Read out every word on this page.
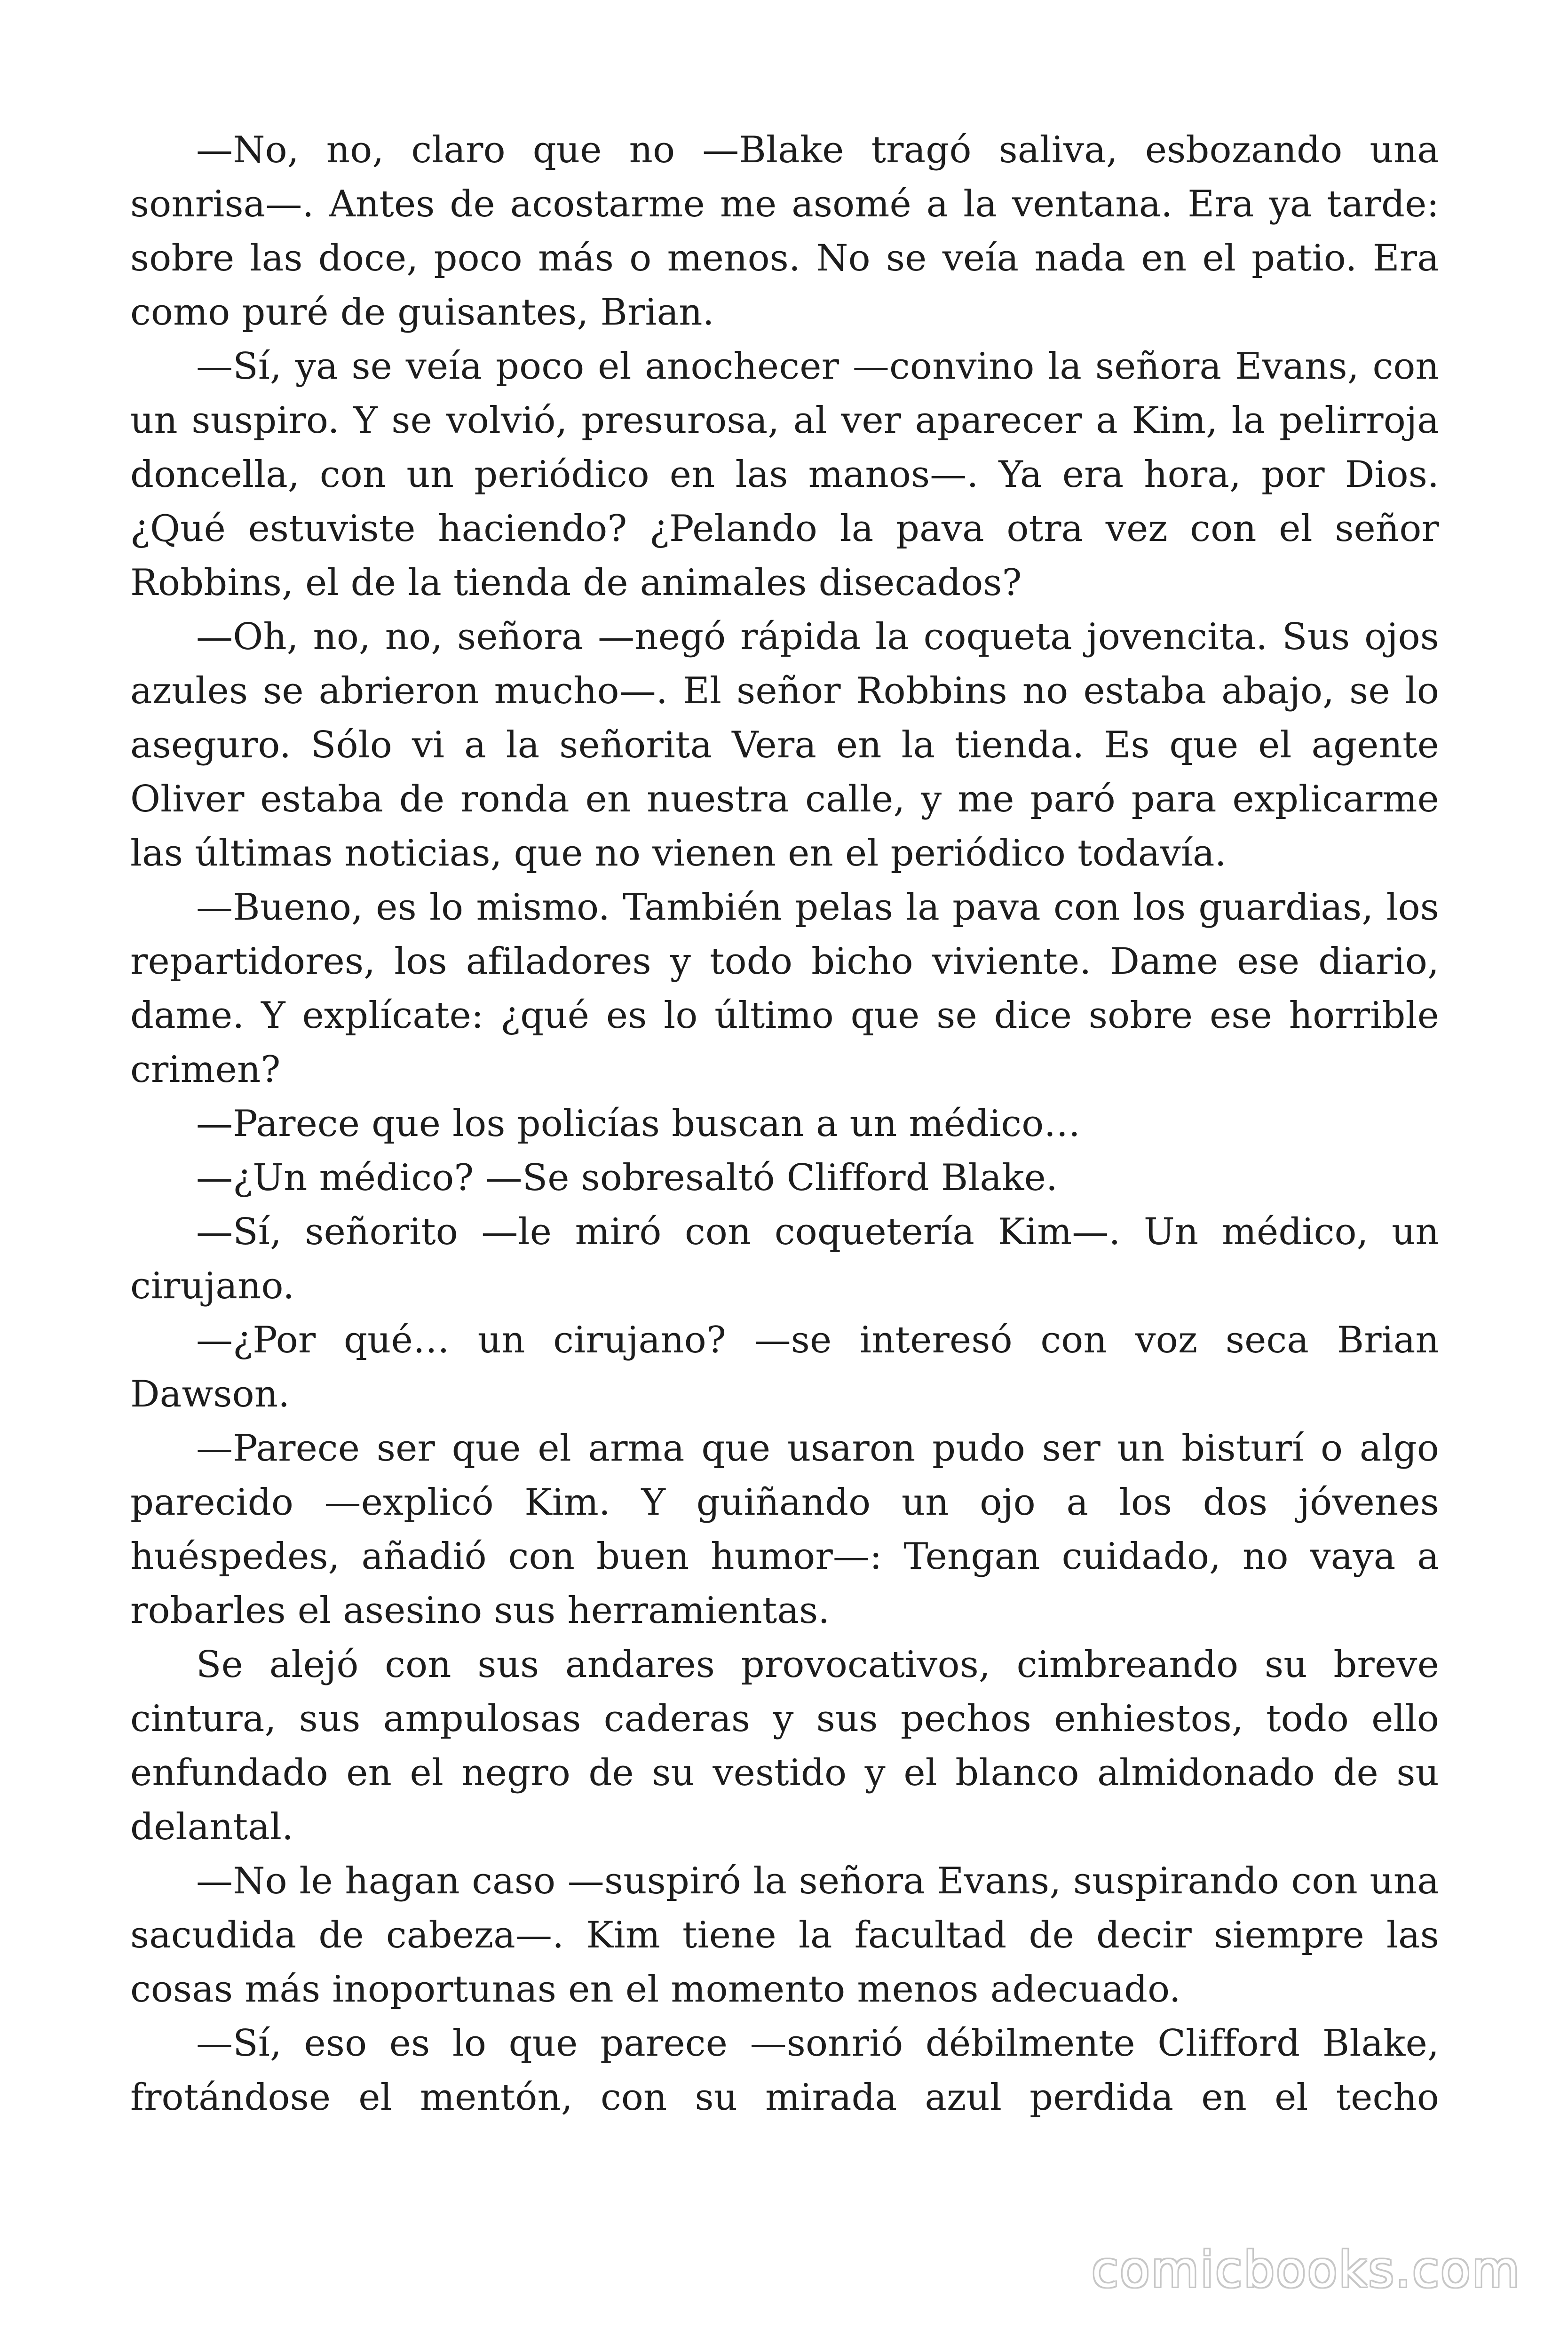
—No, no, claro que no —Blake tragó saliva, esbozando una sonrisa—. Antes de acostarme me asomé a la ventana. Era ya tarde: sobre las doce, poco más o menos. No se veía nada en el patio. Era como puré de guisantes, Brian.

—Sí, ya se veía poco el anochecer —convino la señora Evans, con un suspiro. Y se volvió, presurosa, al ver aparecer a Kim, la pelirroja doncella, con un periódico en las manos—. Ya era hora, por Dios. ¿Qué estuviste haciendo? ¿Pelando la pava otra vez con el señor Robbins, el de la tienda de animales disecados?

—Oh, no, no, señora —negó rápida la coqueta jovencita. Sus ojos azules se abrieron mucho—. El señor Robbins no estaba abajo, se lo aseguro. Sólo vi a la señorita Vera en la tienda. Es que el agente Oliver estaba de ronda en nuestra calle, y me paró para explicarme las últimas noticias, que no vienen en el periódico todavía.

—Bueno, es lo mismo. También pelas la pava con los guardias, los repartidores, los afiladores y todo bicho viviente. Dame ese diario, dame. Y explícate: ¿qué es lo último que se dice sobre ese horrible crimen?

—Parece que los policías buscan a un médico…

—¿Un médico? —Se sobresaltó Clifford Blake.

—Sí, señorito —le miró con coquetería Kim—. Un médico, un cirujano.

—¿Por qué… un cirujano? —se interesó con voz seca Brian Dawson.

—Parece ser que el arma que usaron pudo ser un bisturí o algo parecido —explicó Kim. Y guiñando un ojo a los dos jóvenes huéspedes, añadió con buen humor—: Tengan cuidado, no vaya a robarles el asesino sus herramientas.

Se alejó con sus andares provocativos, cimbreando su breve cintura, sus ampulosas caderas y sus pechos enhiestos, todo ello enfundado en el negro de su vestido y el blanco almidonado de su delantal.

—No le hagan caso —suspiró la señora Evans, suspirando con una sacudida de cabeza—. Kim tiene la facultad de decir siempre las cosas más inoportunas en el momento menos adecuado.

—Sí, eso es lo que parece —sonrió débilmente Clifford Blake, frotándose el mentón, con su mirada azul perdida en el techo

comicbooks.com
